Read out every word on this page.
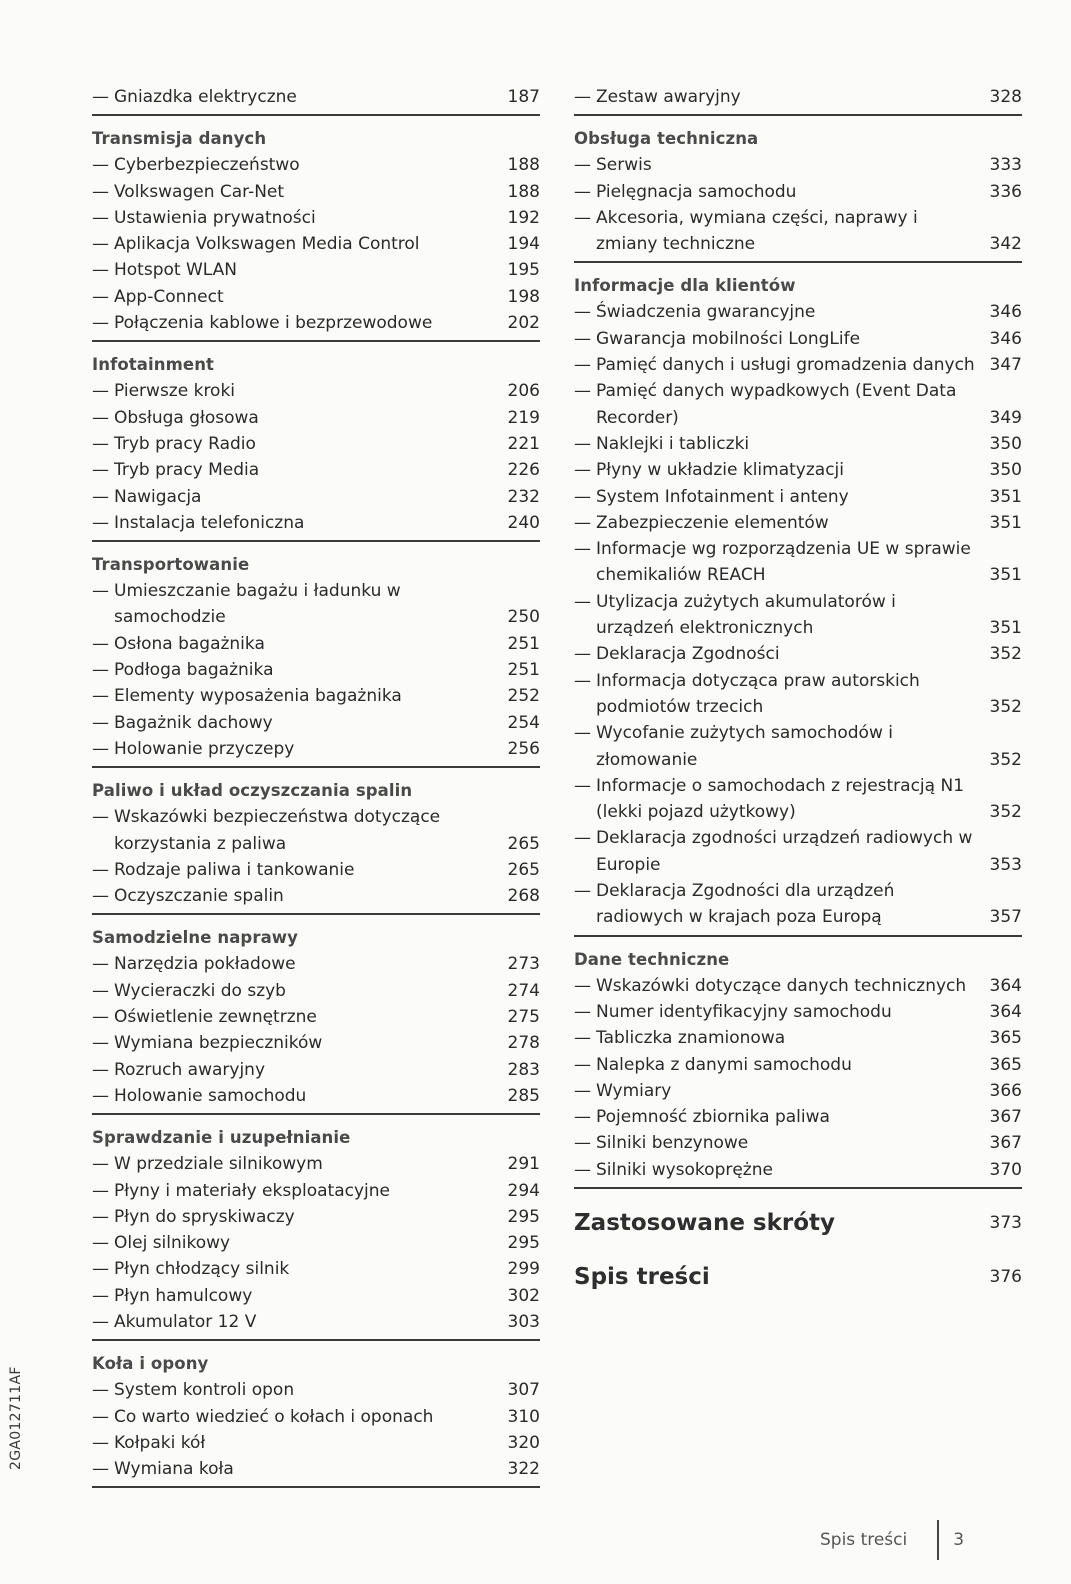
— Gniazdka elektryczne	187
Transmisja danych
— Cyberbezpieczeństwo	188
— Volkswagen Car-Net	188
— Ustawienia prywatności	192
— Aplikacja Volkswagen Media Control	194
— Hotspot WLAN	195
— App-Connect	198
— Połączenia kablowe i bezprzewodowe	202
Infotainment
— Pierwsze kroki	206
— Obsługa głosowa	219
— Tryb pracy Radio	221
— Tryb pracy Media	226
— Nawigacja	232
— Instalacja telefoniczna	240
Transportowanie
— Umieszczanie bagażu i ładunku w samochodzie	250
— Osłona bagażnika	251
— Podłoga bagażnika	251
— Elementy wyposażenia bagażnika	252
— Bagażnik dachowy	254
— Holowanie przyczepy	256
Paliwo i układ oczyszczania spalin
— Wskazówki bezpieczeństwa dotyczące korzystania z paliwa	265
— Rodzaje paliwa i tankowanie	265
— Oczyszczanie spalin	268
Samodzielne naprawy
— Narzędzia pokładowe	273
— Wycieraczki do szyb	274
— Oświetlenie zewnętrzne	275
— Wymiana bezpieczników	278
— Rozruch awaryjny	283
— Holowanie samochodu	285
Sprawdzanie i uzupełnianie
— W przedziale silnikowym	291
— Płyny i materiały eksploatacyjne	294
— Płyn do spryskiwaczy	295
— Olej silnikowy	295
— Płyn chłodzący silnik	299
— Płyn hamulcowy	302
— Akumulator 12 V	303
Koła i opony
— System kontroli opon	307
— Co warto wiedzieć o kołach i oponach	310
— Kołpaki kół	320
— Wymiana koła	322
— Zestaw awaryjny	328
Obsługa techniczna
— Serwis	333
— Pielęgnacja samochodu	336
— Akcesoria, wymiana części, naprawy i zmiany techniczne	342
Informacje dla klientów
— Świadczenia gwarancyjne	346
— Gwarancja mobilności LongLife	346
— Pamięć danych i usługi gromadzenia danych 347
— Pamięć danych wypadkowych (Event Data Recorder)	349
— Naklejki i tabliczki	350
— Płyny w układzie klimatyzacji	350
— System Infotainment i anteny	351
— Zabezpieczenie elementów	351
— Informacje wg rozporządzenia UE w sprawie chemikaliów REACH	351
— Utylizacja zużytych akumulatorów i urządzeń elektronicznych	351
— Deklaracja Zgodności	352
— Informacja dotycząca praw autorskich podmiotów trzecich	352
— Wycofanie zużytych samochodów i złomowanie	352
— Informacje o samochodach z rejestracją N1 (lekki pojazd użytkowy)	352
— Deklaracja zgodności urządzeń radiowych w Europie	353
— Deklaracja Zgodności dla urządzeń radiowych w krajach poza Europą	357
Dane techniczne
— Wskazówki dotyczące danych technicznych	364
— Numer identyfikacyjny samochodu	364
— Tabliczka znamionowa	365
— Nalepka z danymi samochodu	365
— Wymiary	366
— Pojemność zbiornika paliwa	367
— Silniki benzynowe	367
— Silniki wysokoprężne	370
Zastosowane skróty	373
Spis treści	376
2GA012711AF
Spis treści	3
